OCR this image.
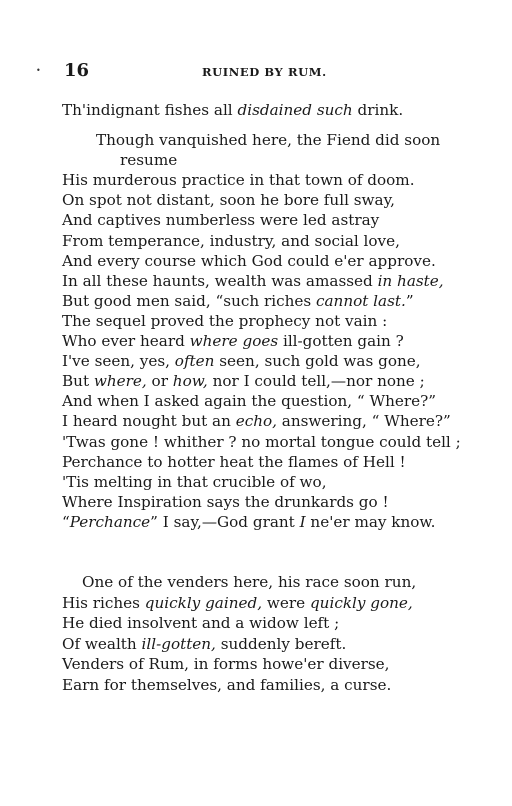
• 16	RUINED BY RUM.
Th'indignant fishes all disdained such drink.
Though vanquished here, the Fiend did soon
resume
His murderous practice in that town of doom.
On spot not distant, soon he bore full sway,
And captives numberless were led astray
From temperance, industry, and social love,
And every course which God could e'er approve.
In all these haunts, wealth was amassed in haste,
But good men said, “such riches cannot last.”
The sequel proved the prophecy not vain :
Who ever heard where goes ill-gotten gain ?
I've seen, yes, often seen, such gold was gone,
But where, or how, nor I could tell,—nor none ;
And when I asked again the question, “ Where?”
I heard nought but an echo, answering, “ Where?”
'Twas gone ! whither ? no mortal tongue could tell ;
Perchance to hotter heat the flames of Hell !
'Tis melting in that crucible of wo,
Where Inspiration says the drunkards go !
“Perchance” I say,—God grant I ne'er may know.
One of the venders here, his race soon run,
His riches quickly gained, were quickly gone,
He died insolvent and a widow left ;
Of wealth ill-gotten, suddenly bereft.
Venders of Rum, in forms howe'er diverse,
Earn for themselves, and families, a curse.
